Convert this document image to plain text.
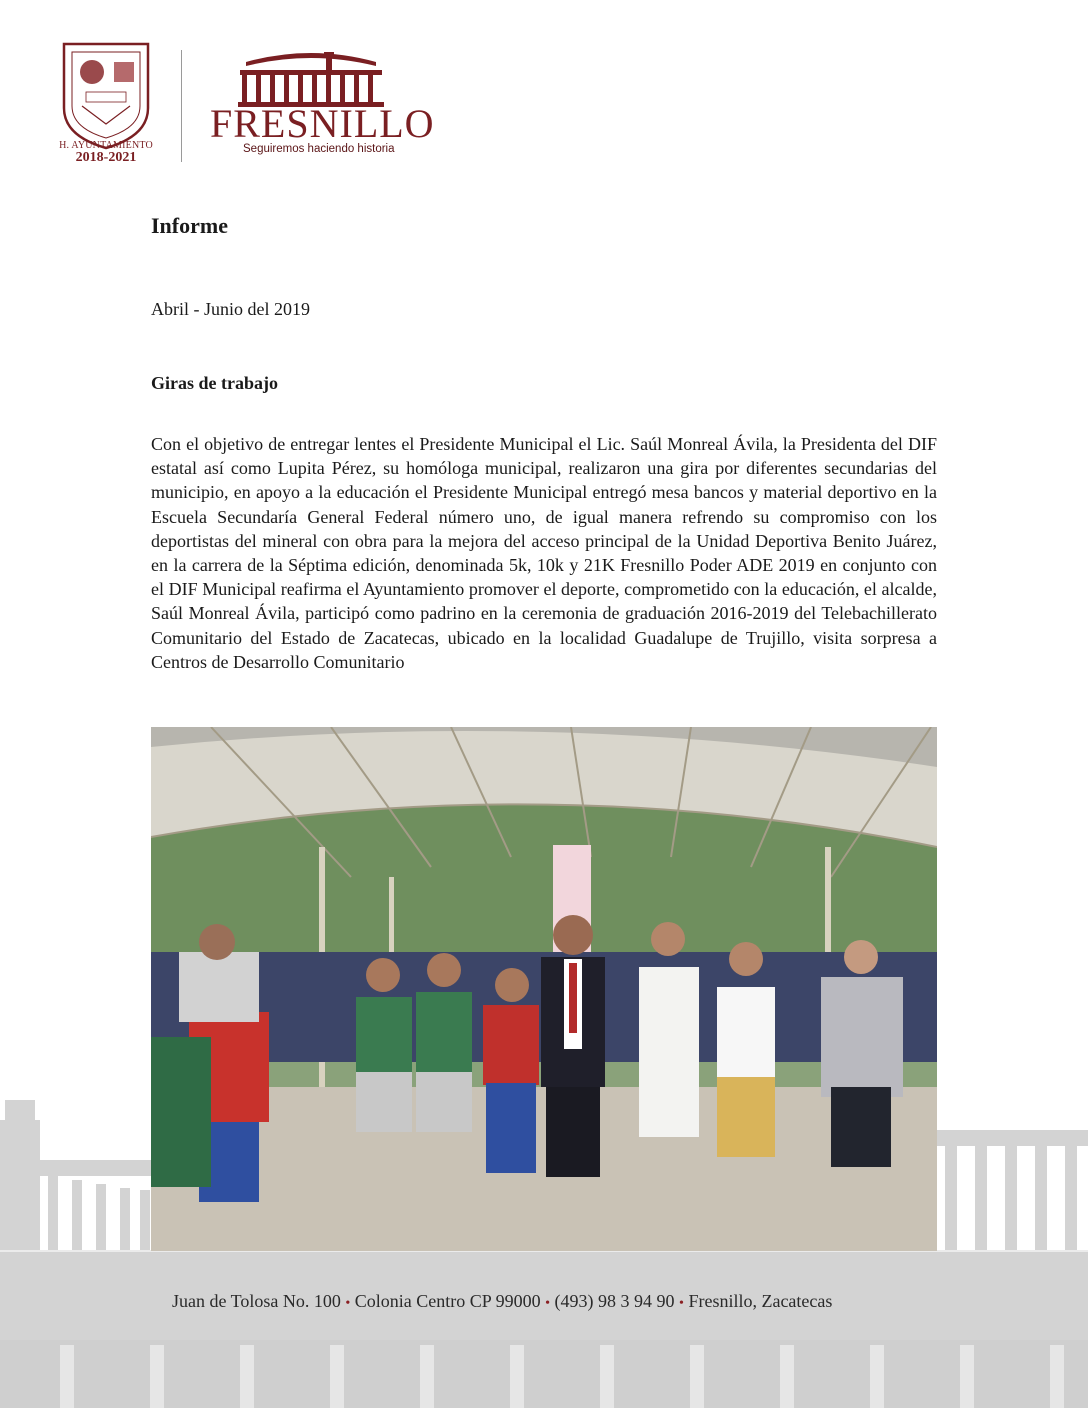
H. AYUNTAMIENTO
2018-2021
FRESNILLO
Seguiremos haciendo historia
Informe
Abril - Junio del 2019
Giras de trabajo
Con el objetivo de entregar lentes el Presidente Municipal el Lic. Saúl Monreal Ávila, la Presidenta del DIF estatal así como Lupita Pérez, su homóloga municipal, realizaron una gira por diferentes secundarias del municipio, en apoyo a la educación el Presidente Municipal entregó mesa bancos y material deportivo en la Escuela Secundaría General Federal número uno, de igual manera refrendo su compromiso con los deportistas del mineral con obra para la mejora del acceso principal de la Unidad Deportiva Benito Juárez, en la carrera de la Séptima edición, denominada 5k, 10k y 21K Fresnillo Poder ADE 2019 en conjunto con el DIF Municipal reafirma el Ayuntamiento promover el deporte, comprometido con la educación, el alcalde, Saúl Monreal Ávila, participó como padrino en la ceremonia de graduación 2016-2019 del Telebachillerato Comunitario del Estado de Zacatecas, ubicado en la localidad Guadalupe de Trujillo, visita sorpresa a Centros de Desarrollo Comunitario
Juan de Tolosa No. 100 • Colonia Centro CP 99000 • (493) 98 3 94 90 • Fresnillo, Zacatecas
